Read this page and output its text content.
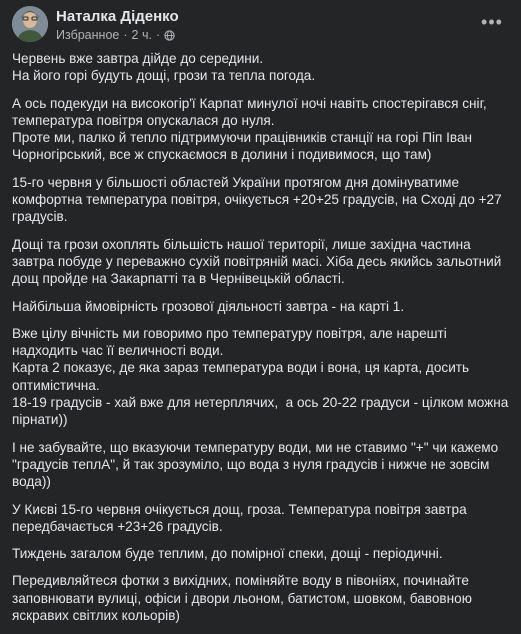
Наталка Діденко
Избранное · 2 ч. ·
•••

Червень вже завтра дійде до середини.
На його горі будуть дощі, грози та тепла погода.

А ось подекуди на високогір'ї Карпат минулої ночі навіть спостерігався сніг, температура повітря опускалася до нуля.
Проте ми, палко й тепло підтримуючи працівників станції на горі Піп Іван Чорногірський, все ж спускаємося в долини і подивимося, що там)

15-го червня у більшості областей України протягом дня домінуватиме комфортна температура повітря, очікується +20+25 градусів, на Сході до +27 градусів.

Дощі та грози охоплять більшість нашої території, лише західна частина завтра побуде у переважно сухій повітряній масі. Хіба десь якийсь зальотний дощ пройде на Закарпатті та в Чернівецькій області.

Найбільша ймовірність грозової діяльності завтра - на карті 1.

Вже цілу вічність ми говоримо про температуру повітря, але нарешті надходить час її величності води.
Карта 2 показує, де яка зараз температура води і вона, ця карта, досить оптимістична.
18-19 градусів - хай вже для нетерплячих,  а ось 20-22 градуси - цілком можна пірнати))

І не забувайте, що вказуючи температуру води, ми не ставимо "+" чи кажемо "градусів теплА", й так зрозуміло, що вода з нуля градусів і нижче не зовсім вода))

У Києві 15-го червня очікується дощ, гроза. Температура повітря завтра передбачається +23+26 градусів.

Тиждень загалом буде теплим, до помірної спеки, дощі - періодичні.

Передивляйтеся фотки з вихідних, поміняйте воду в півоніях, починайте заповнювати вулиці, офіси і двори льоном, батистом, шовком, бавовною яскравих світлих кольорів)
